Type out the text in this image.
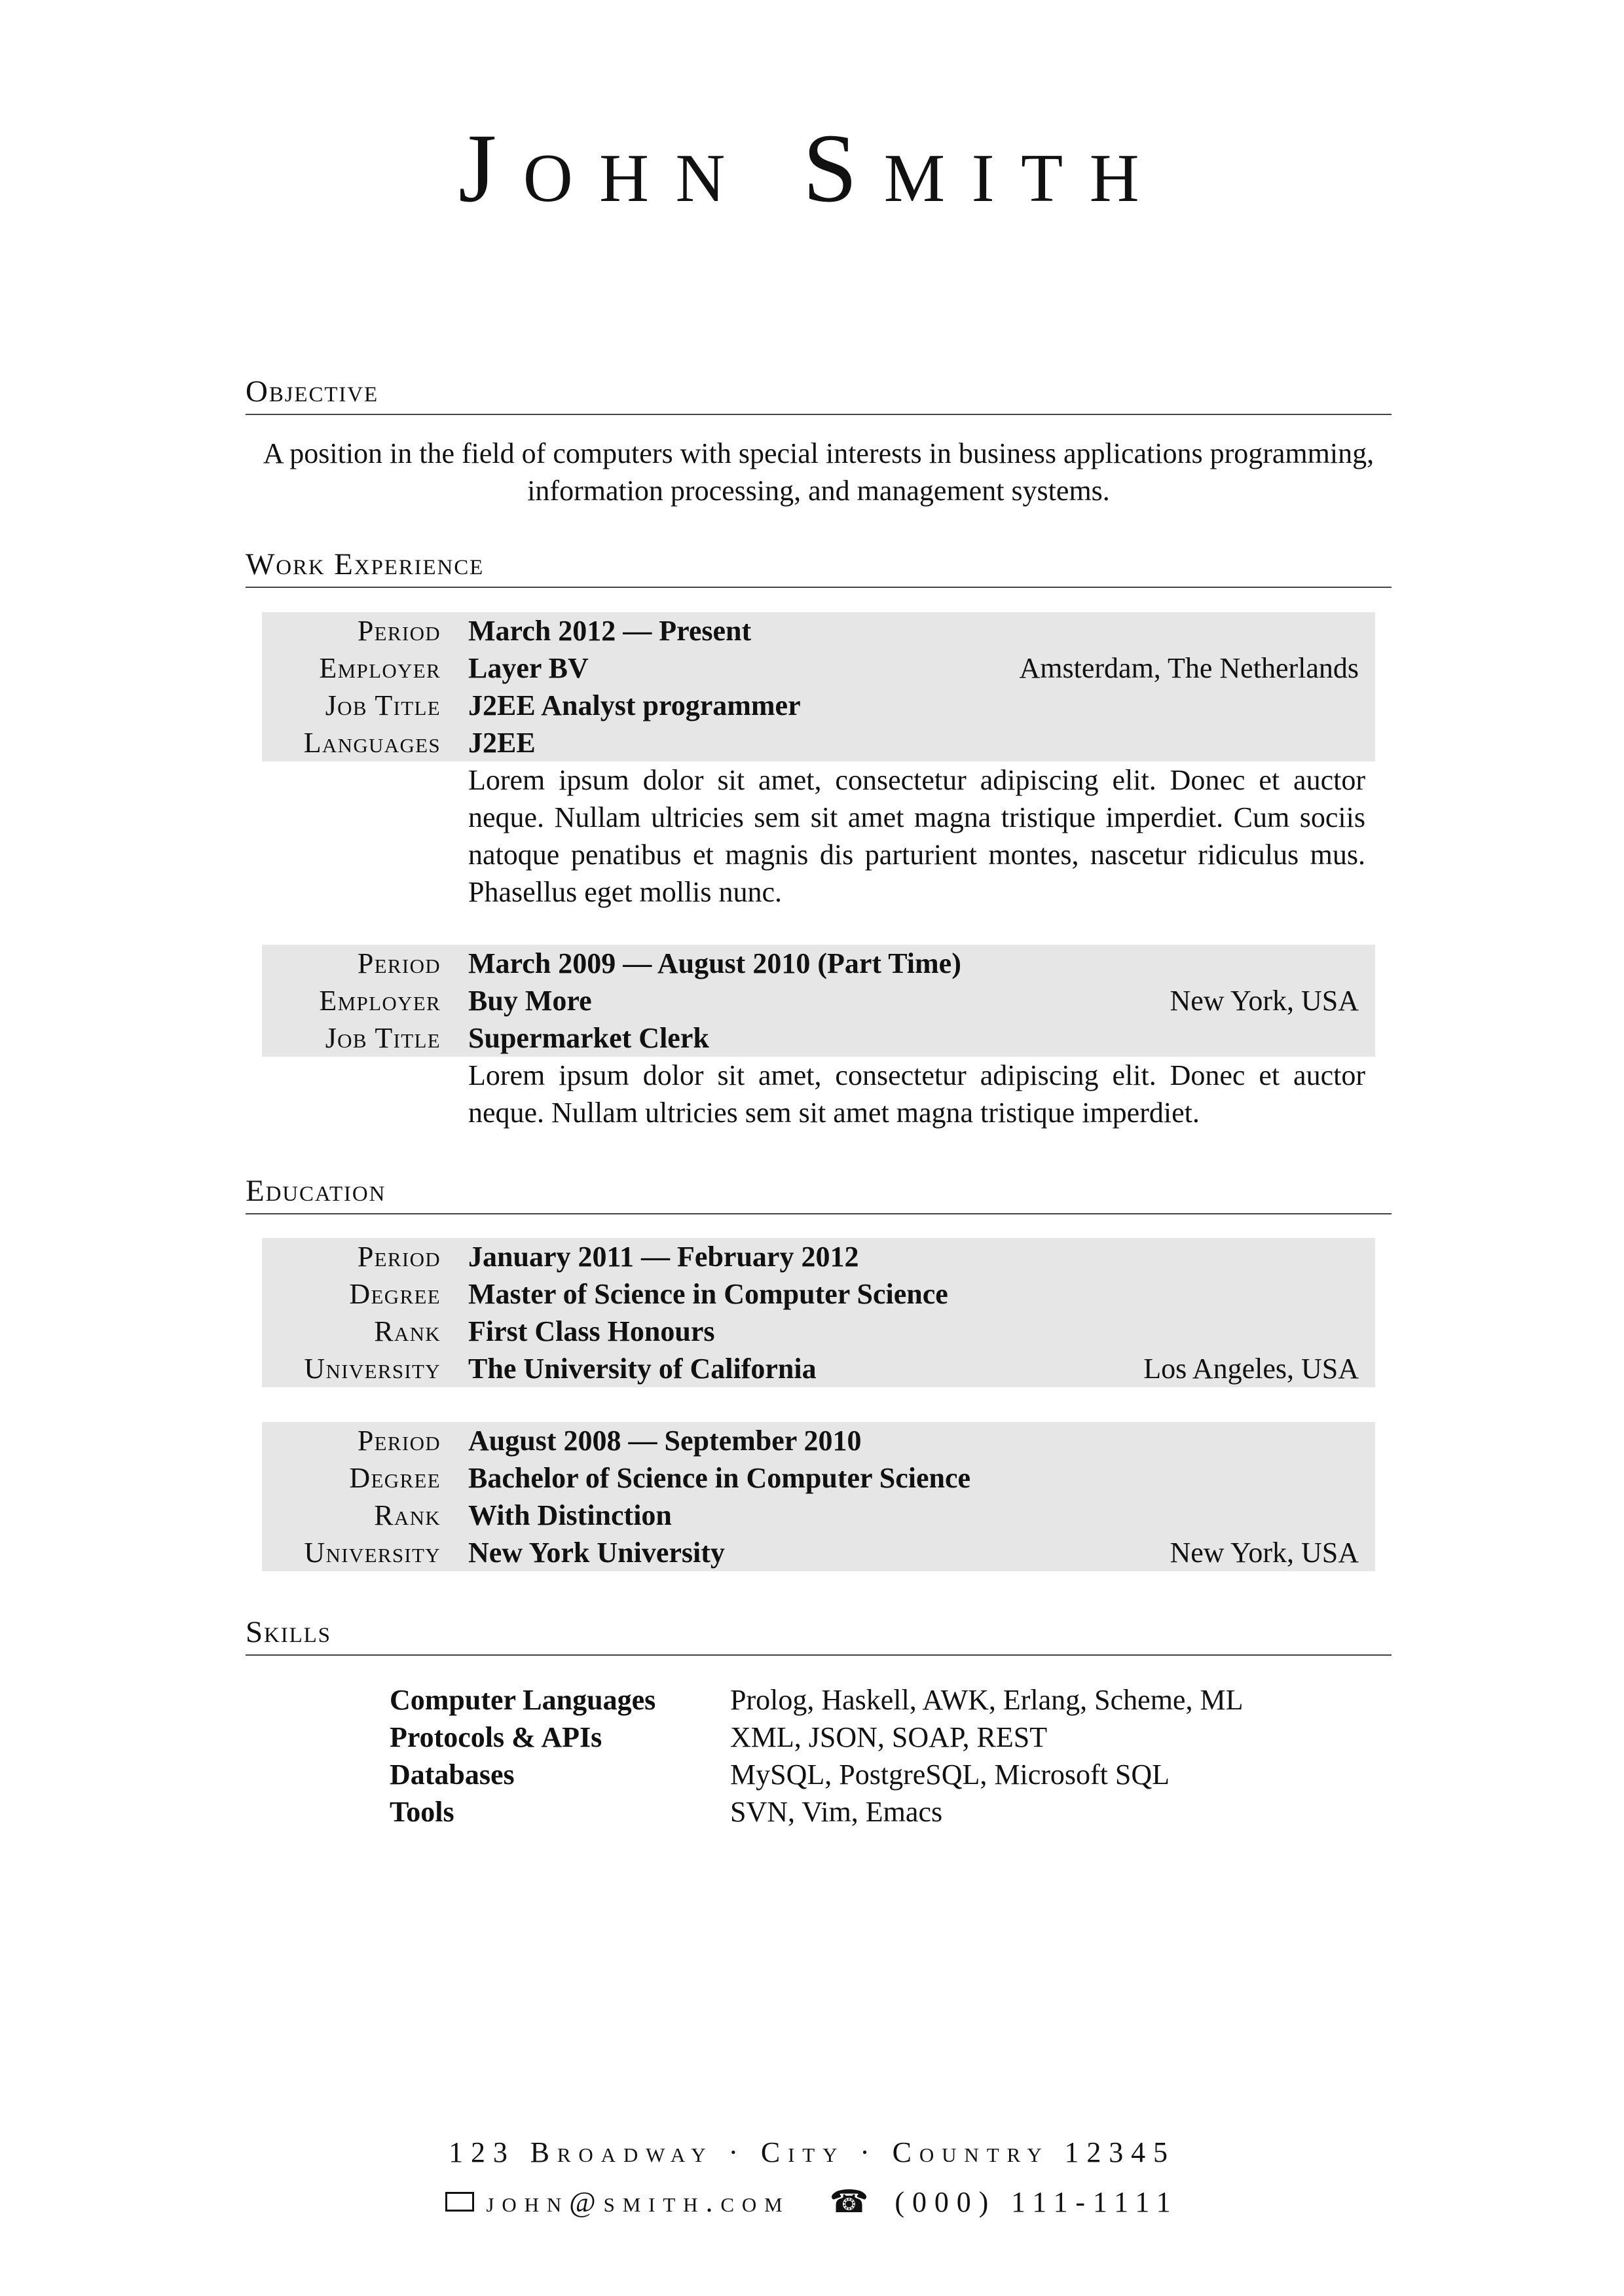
John Smith
Objective
A position in the field of computers with special interests in business applications programming, information processing, and management systems.
Work Experience
Period March 2012 — Present
Employer Layer BV	Amsterdam, The Netherlands
Job Title J2EE Analyst programmer
Languages J2EE
Lorem ipsum dolor sit amet, consectetur adipiscing elit. Donec et auctor neque. Nullam ultricies sem sit amet magna tristique imperdiet. Cum sociis natoque penatibus et magnis dis parturient montes, nascetur ridiculus mus. Phasellus eget mollis nunc.
Period March 2009 — August 2010 (Part Time)
Employer Buy More	New York, USA
Job Title Supermarket Clerk
Lorem ipsum dolor sit amet, consectetur adipiscing elit. Donec et auctor neque. Nullam ultricies sem sit amet magna tristique imperdiet.
Education
Period January 2011 — February 2012
Degree Master of Science in Computer Science
Rank First Class Honours
University The University of California	Los Angeles, USA
Period August 2008 — September 2010
Degree Bachelor of Science in Computer Science
Rank With Distinction
University New York University	New York, USA
Skills
Computer Languages	Prolog, Haskell, AWK, Erlang, Scheme, ML
Protocols & APIs	XML, JSON, SOAP, REST
Databases	MySQL, PostgreSQL, Microsoft SQL
Tools	SVN, Vim, Emacs
123 Broadway · City · Country 12345
john@smith.com ☎ (000) 111-1111
